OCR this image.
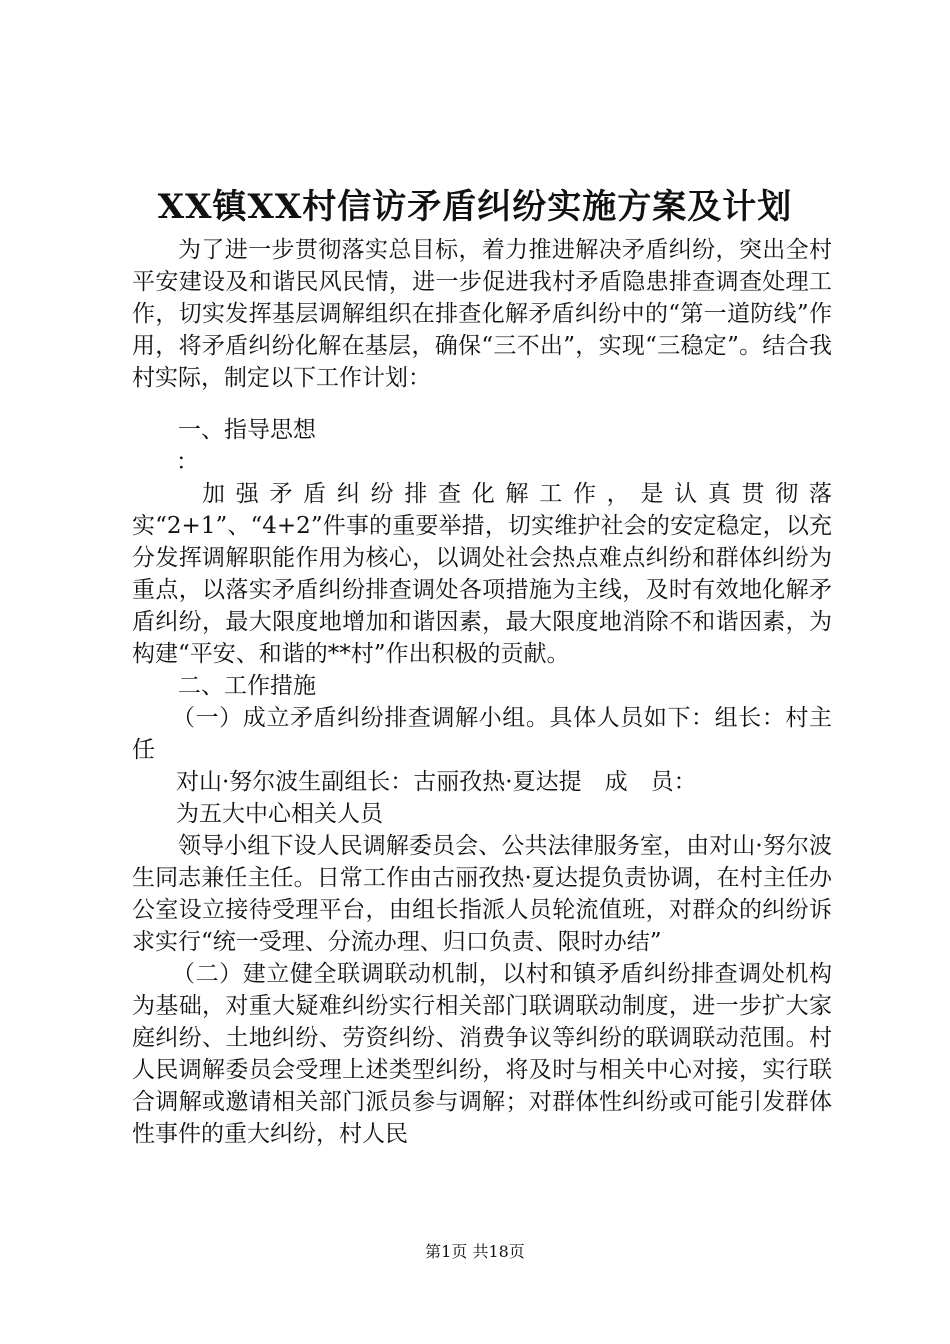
XX镇XX村信访矛盾纠纷实施方案及计划

为了进一步贯彻落实总目标，着力推进解决矛盾纠纷，突出全村平安建设及和谐民风民情，进一步促进我村矛盾隐患排查调查处理工作，切实发挥基层调解组织在排查化解矛盾纠纷中的“第一道防线”作用，将矛盾纠纷化解在基层，确保“三不出”，实现“三稳定”。结合我村实际，制定以下工作计划：

一、指导思想

：

加强矛盾纠纷排查化解工作，是认真贯彻落实“2+1”、“4+2”件事的重要举措，切实维护社会的安定稳定，以充分发挥调解职能作用为核心，以调处社会热点难点纠纷和群体纠纷为重点，以落实矛盾纠纷排查调处各项措施为主线，及时有效地化解矛盾纠纷，最大限度地增加和谐因素，最大限度地消除不和谐因素，为构建“平安、和谐的**村”作出积极的贡献。

二、工作措施

（一）成立矛盾纠纷排查调解小组。具体人员如下：组长：村主任

对山·努尔波生副组长：古丽孜热·夏达提　成　员：

为五大中心相关人员

领导小组下设人民调解委员会、公共法律服务室，由对山·努尔波生同志兼任主任。日常工作由古丽孜热·夏达提负责协调，在村主任办公室设立接待受理平台，由组长指派人员轮流值班，对群众的纠纷诉求实行“统一受理、分流办理、归口负责、限时办结”

（二）建立健全联调联动机制，以村和镇矛盾纠纷排查调处机构为基础，对重大疑难纠纷实行相关部门联调联动制度，进一步扩大家庭纠纷、土地纠纷、劳资纠纷、消费争议等纠纷的联调联动范围。村人民调解委员会受理上述类型纠纷，将及时与相关中心对接，实行联合调解或邀请相关部门派员参与调解；对群体性纠纷或可能引发群体性事件的重大纠纷，村人民

第1页 共18页
